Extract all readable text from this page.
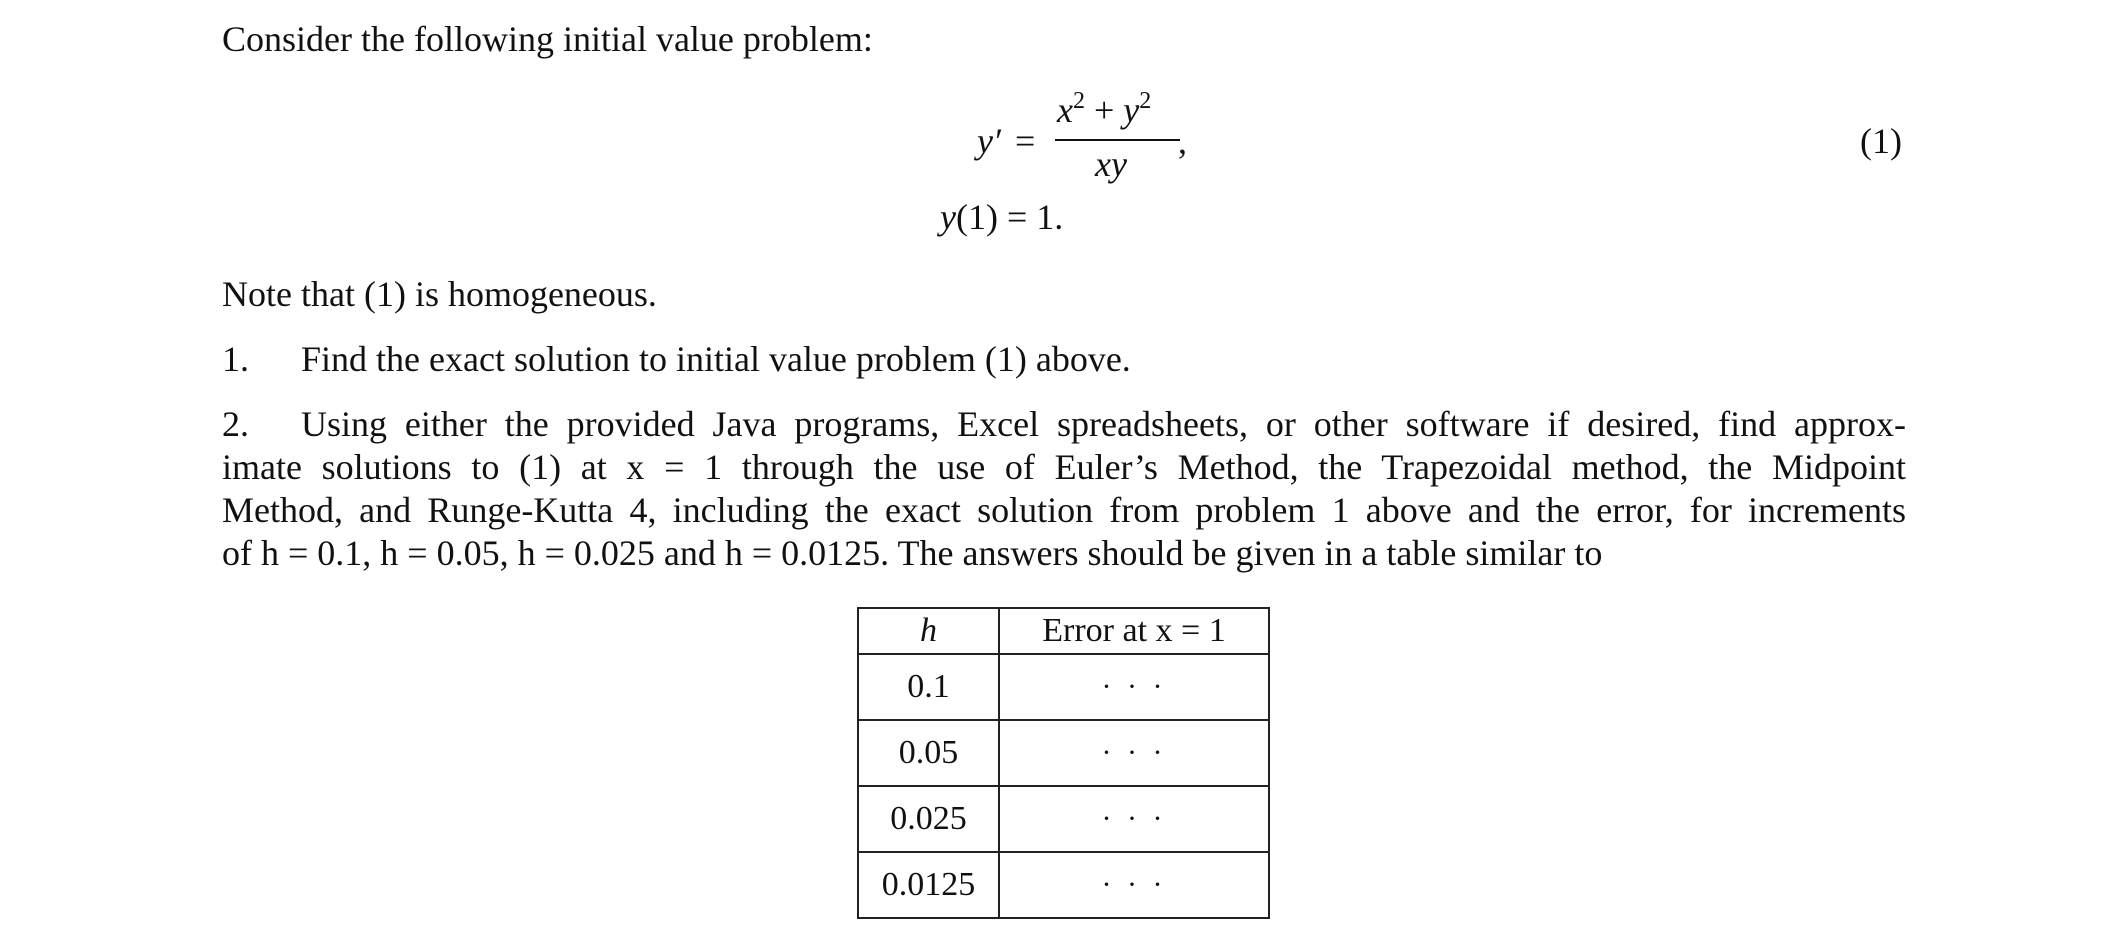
Consider the following initial value problem:
y′ =
$x^2 + y^2$
xy
,	(1)
y(1) = 1.
Note that (1) is homogeneous.
1. Find the exact solution to initial value problem (1) above.
2.	Using either the provided Java programs, Excel spreadsheets, or other software if desired, find approx-
imate solutions to (1) at x = 1 through the use of Euler’s Method, the Trapezoidal method, the Midpoint
Method, and Runge-Kutta 4, including the exact solution from problem 1 above and the error, for increments
of h = 0.1, h = 0.05, h = 0.025 and h = 0.0125. The answers should be given in a table similar to
h	Error at x = 1
0.1	· · ·
0.05	· · ·
0.025	· · ·
0.0125	· · ·
